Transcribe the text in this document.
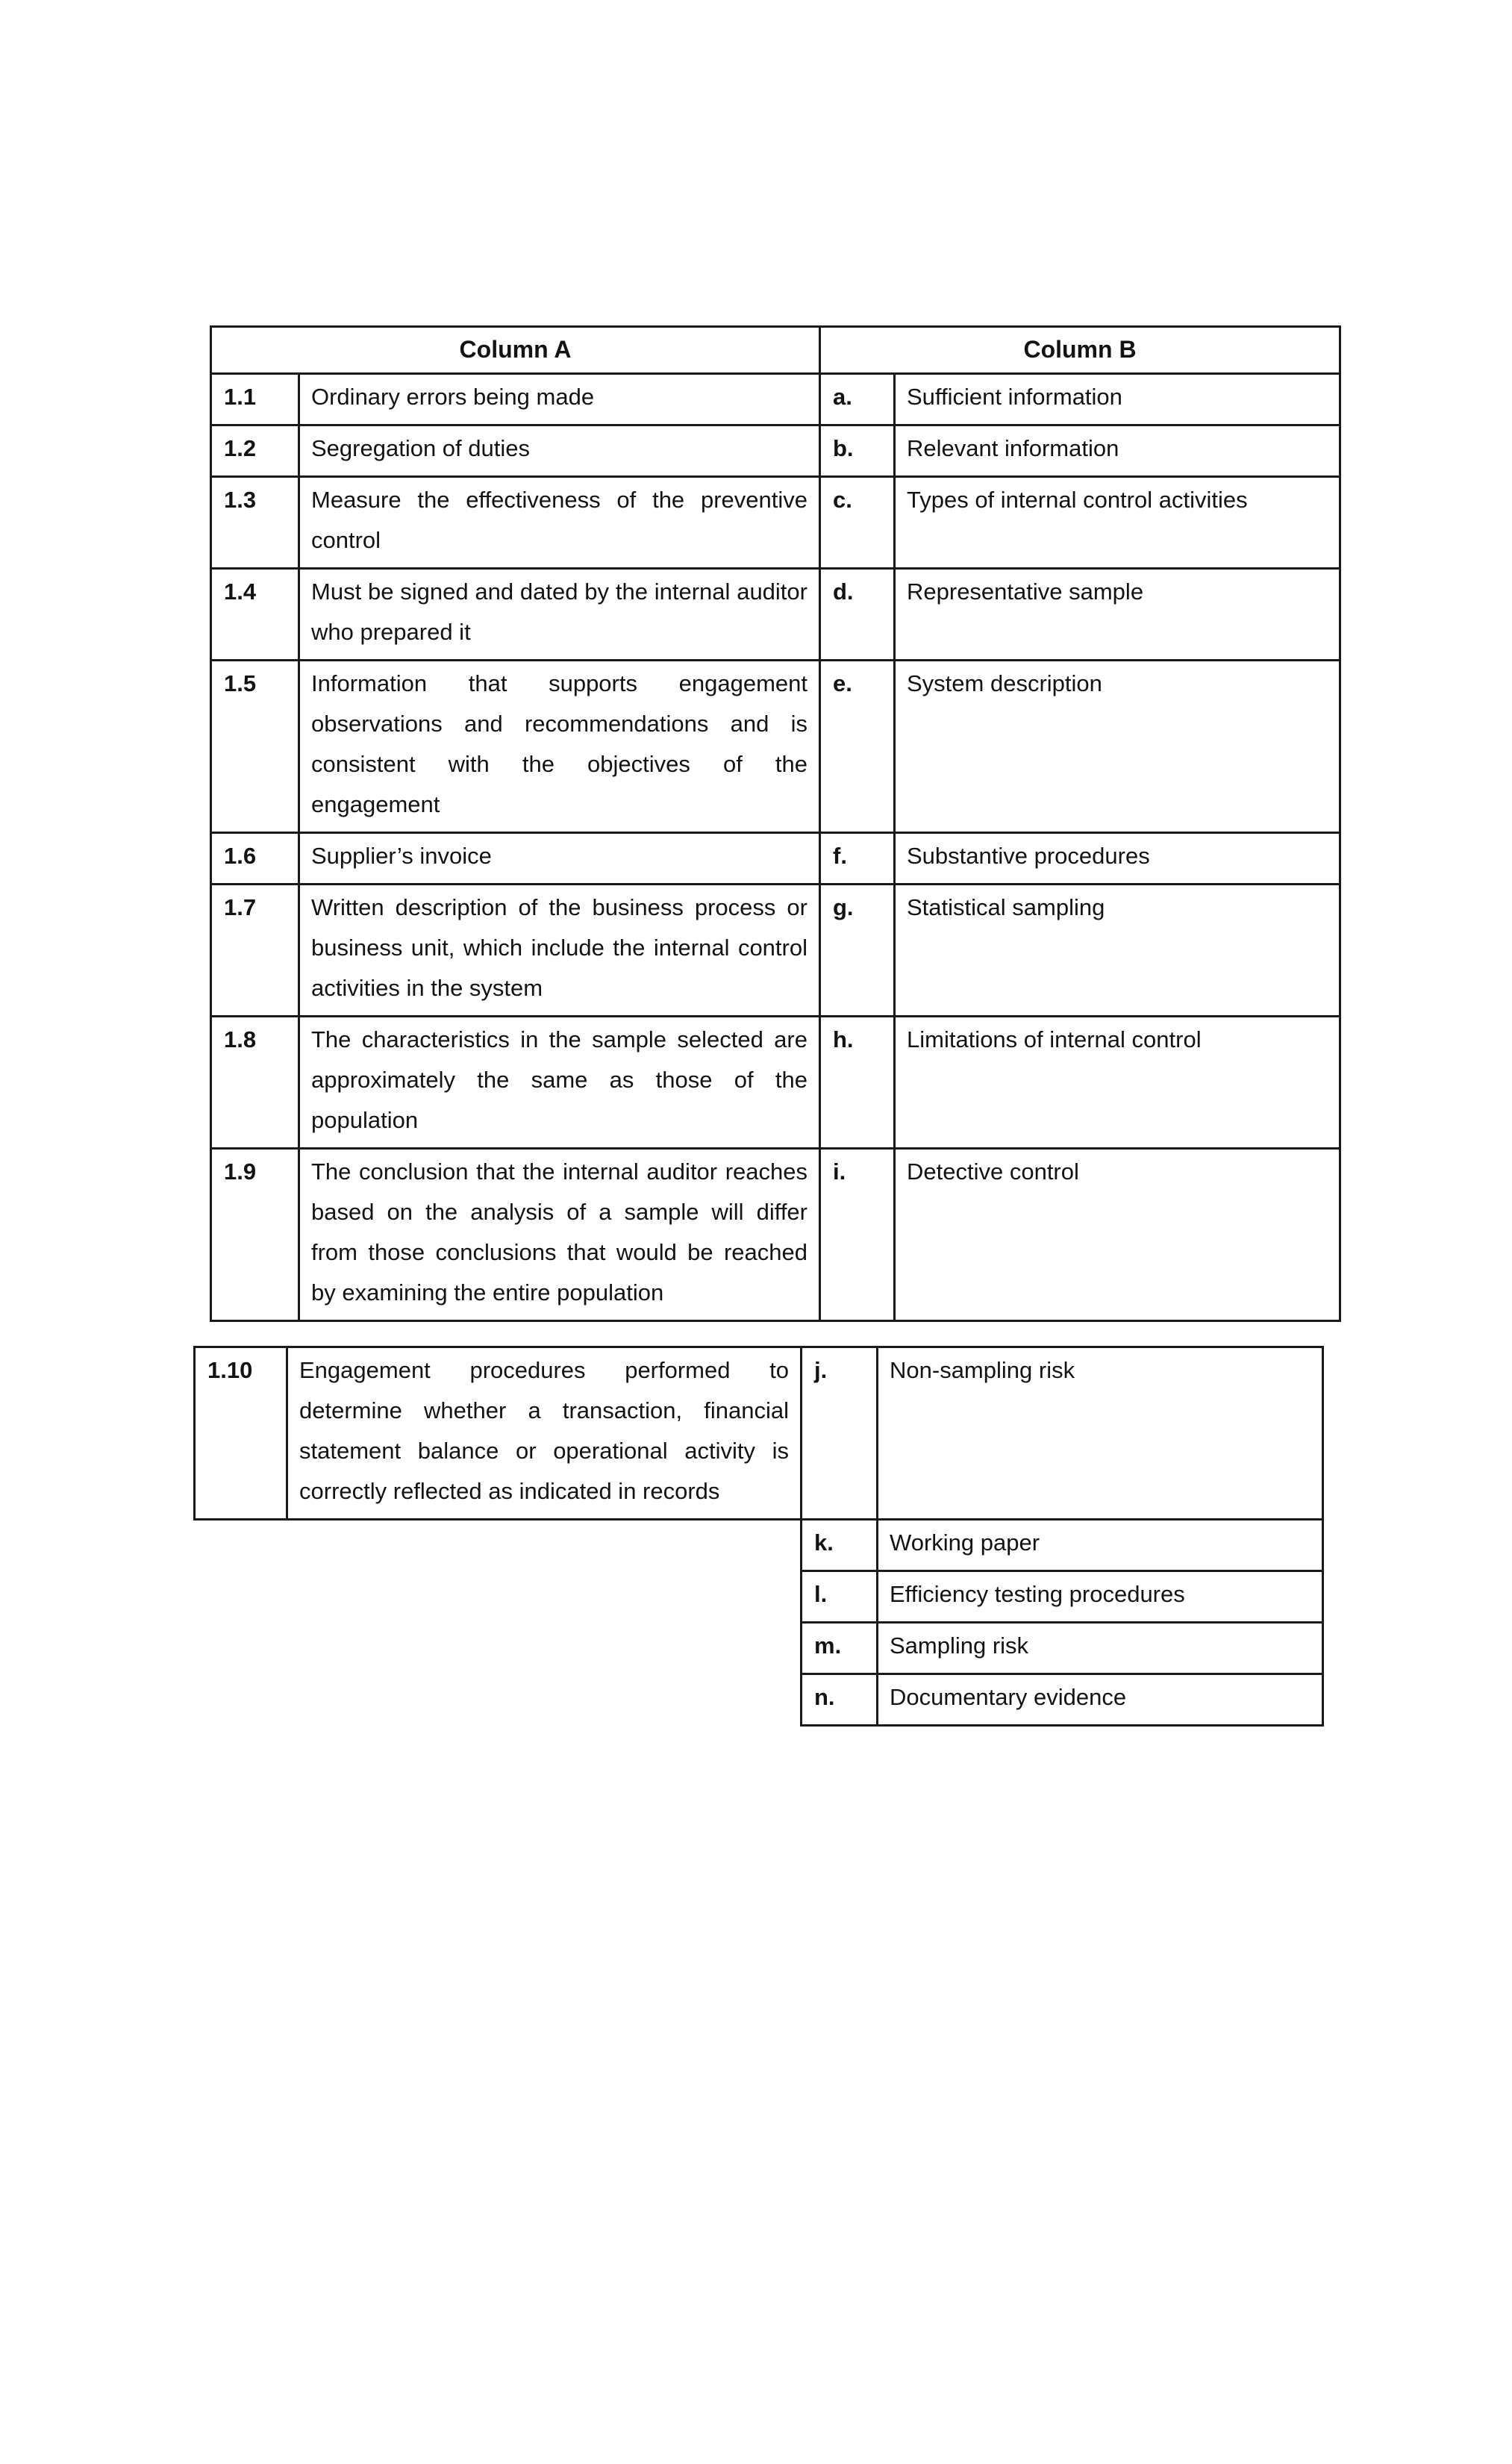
Column A		Column B	
1.1	Ordinary errors being made	a.	Sufficient information
1.2	Segregation of duties	b.	Relevant information
1.3	Measure the effectiveness of the preventive control	c.	Types of internal control activities
1.4	Must be signed and dated by the internal auditor who prepared it	d.	Representative sample
1.5	Information that supports engagement observations and recommendations and is consistent with the objectives of the engagement	e.	System description
1.6	Supplier’s invoice	f.	Substantive procedures
1.7	Written description of the business process or business unit, which include the internal control activities in the system	g.	Statistical sampling
1.8	The characteristics in the sample selected are approximately the same as those of the population	h.	Limitations of internal control
1.9	The conclusion that the internal auditor reaches based on the analysis of a sample will differ from those conclusions that would be reached by examining the entire population	i.	Detective control
1.10	Engagement procedures performed to determine whether a transaction, financial statement balance or operational activity is correctly reflected as indicated in records	j.	Non-sampling risk
k.	Working paper
l.	Efficiency testing procedures
m.	Sampling risk
n.	Documentary evidence
